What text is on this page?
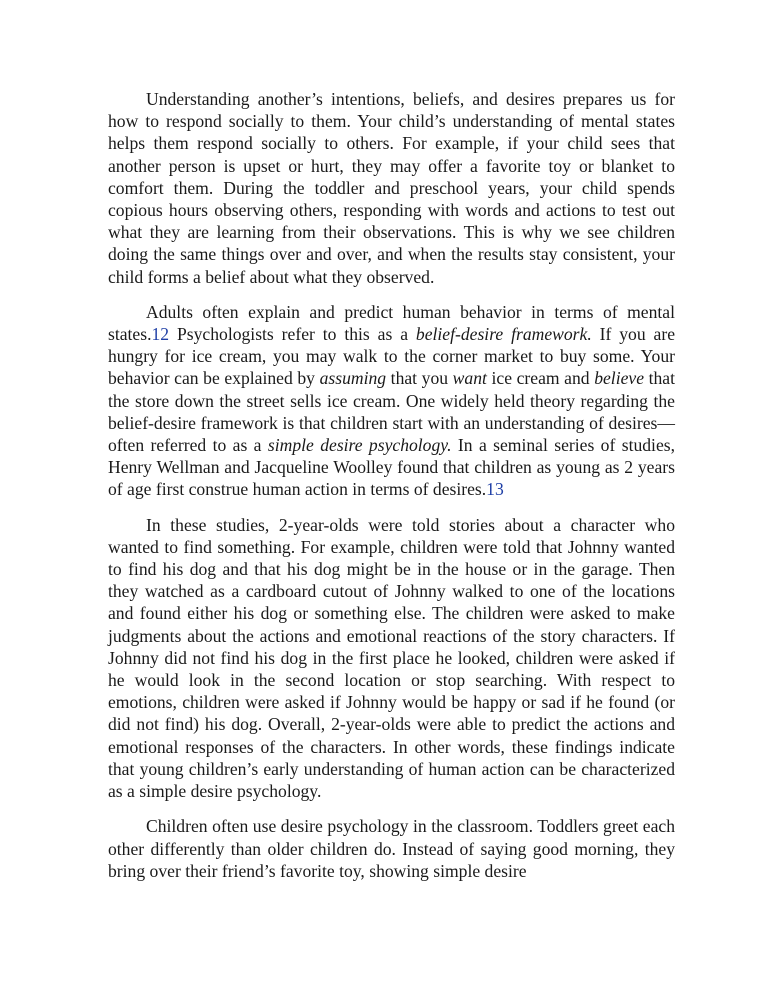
Understanding another’s intentions, beliefs, and desires prepares us for how to respond socially to them. Your child’s understanding of mental states helps them respond socially to others. For example, if your child sees that another person is upset or hurt, they may offer a favorite toy or blanket to comfort them. During the toddler and preschool years, your child spends copious hours observing others, responding with words and actions to test out what they are learning from their observations. This is why we see children doing the same things over and over, and when the results stay consistent, your child forms a belief about what they observed.

Adults often explain and predict human behavior in terms of mental states.12 Psychologists refer to this as a belief-desire framework. If you are hungry for ice cream, you may walk to the corner market to buy some. Your behavior can be explained by assuming that you want ice cream and believe that the store down the street sells ice cream. One widely held theory regarding the belief-desire framework is that children start with an understanding of desires—often referred to as a simple desire psychology. In a seminal series of studies, Henry Wellman and Jacqueline Woolley found that children as young as 2 years of age first construe human action in terms of desires.13

In these studies, 2-year-olds were told stories about a character who wanted to find something. For example, children were told that Johnny wanted to find his dog and that his dog might be in the house or in the garage. Then they watched as a cardboard cutout of Johnny walked to one of the locations and found either his dog or something else. The children were asked to make judgments about the actions and emotional reactions of the story characters. If Johnny did not find his dog in the first place he looked, children were asked if he would look in the second location or stop searching. With respect to emotions, children were asked if Johnny would be happy or sad if he found (or did not find) his dog. Overall, 2-year-olds were able to predict the actions and emotional responses of the characters. In other words, these findings indicate that young children’s early understanding of human action can be characterized as a simple desire psychology.

Children often use desire psychology in the classroom. Toddlers greet each other differently than older children do. Instead of saying good morning, they bring over their friend’s favorite toy, showing simple desire
